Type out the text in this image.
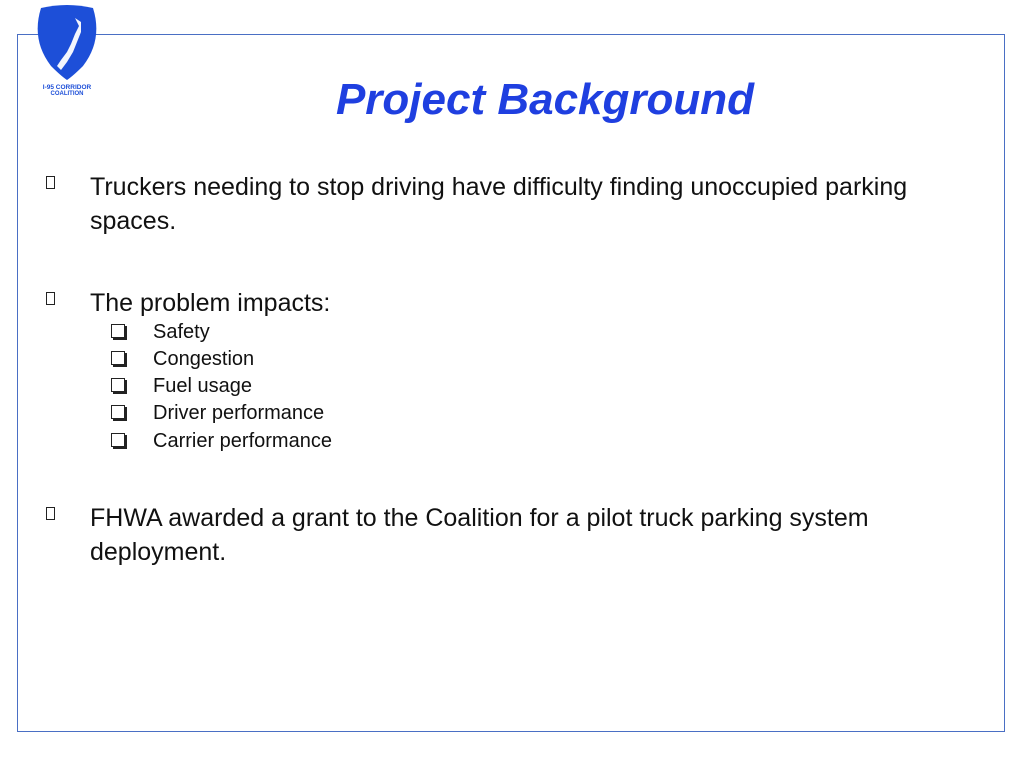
I-95 CORRIDOR
COALITION	Project Background
Truckers needing to stop driving have difficulty finding unoccupied parking spaces.
The problem impacts:
Safety
Congestion
Fuel usage
Driver performance
Carrier performance
FHWA awarded a grant to the Coalition for a pilot truck parking system deployment.
